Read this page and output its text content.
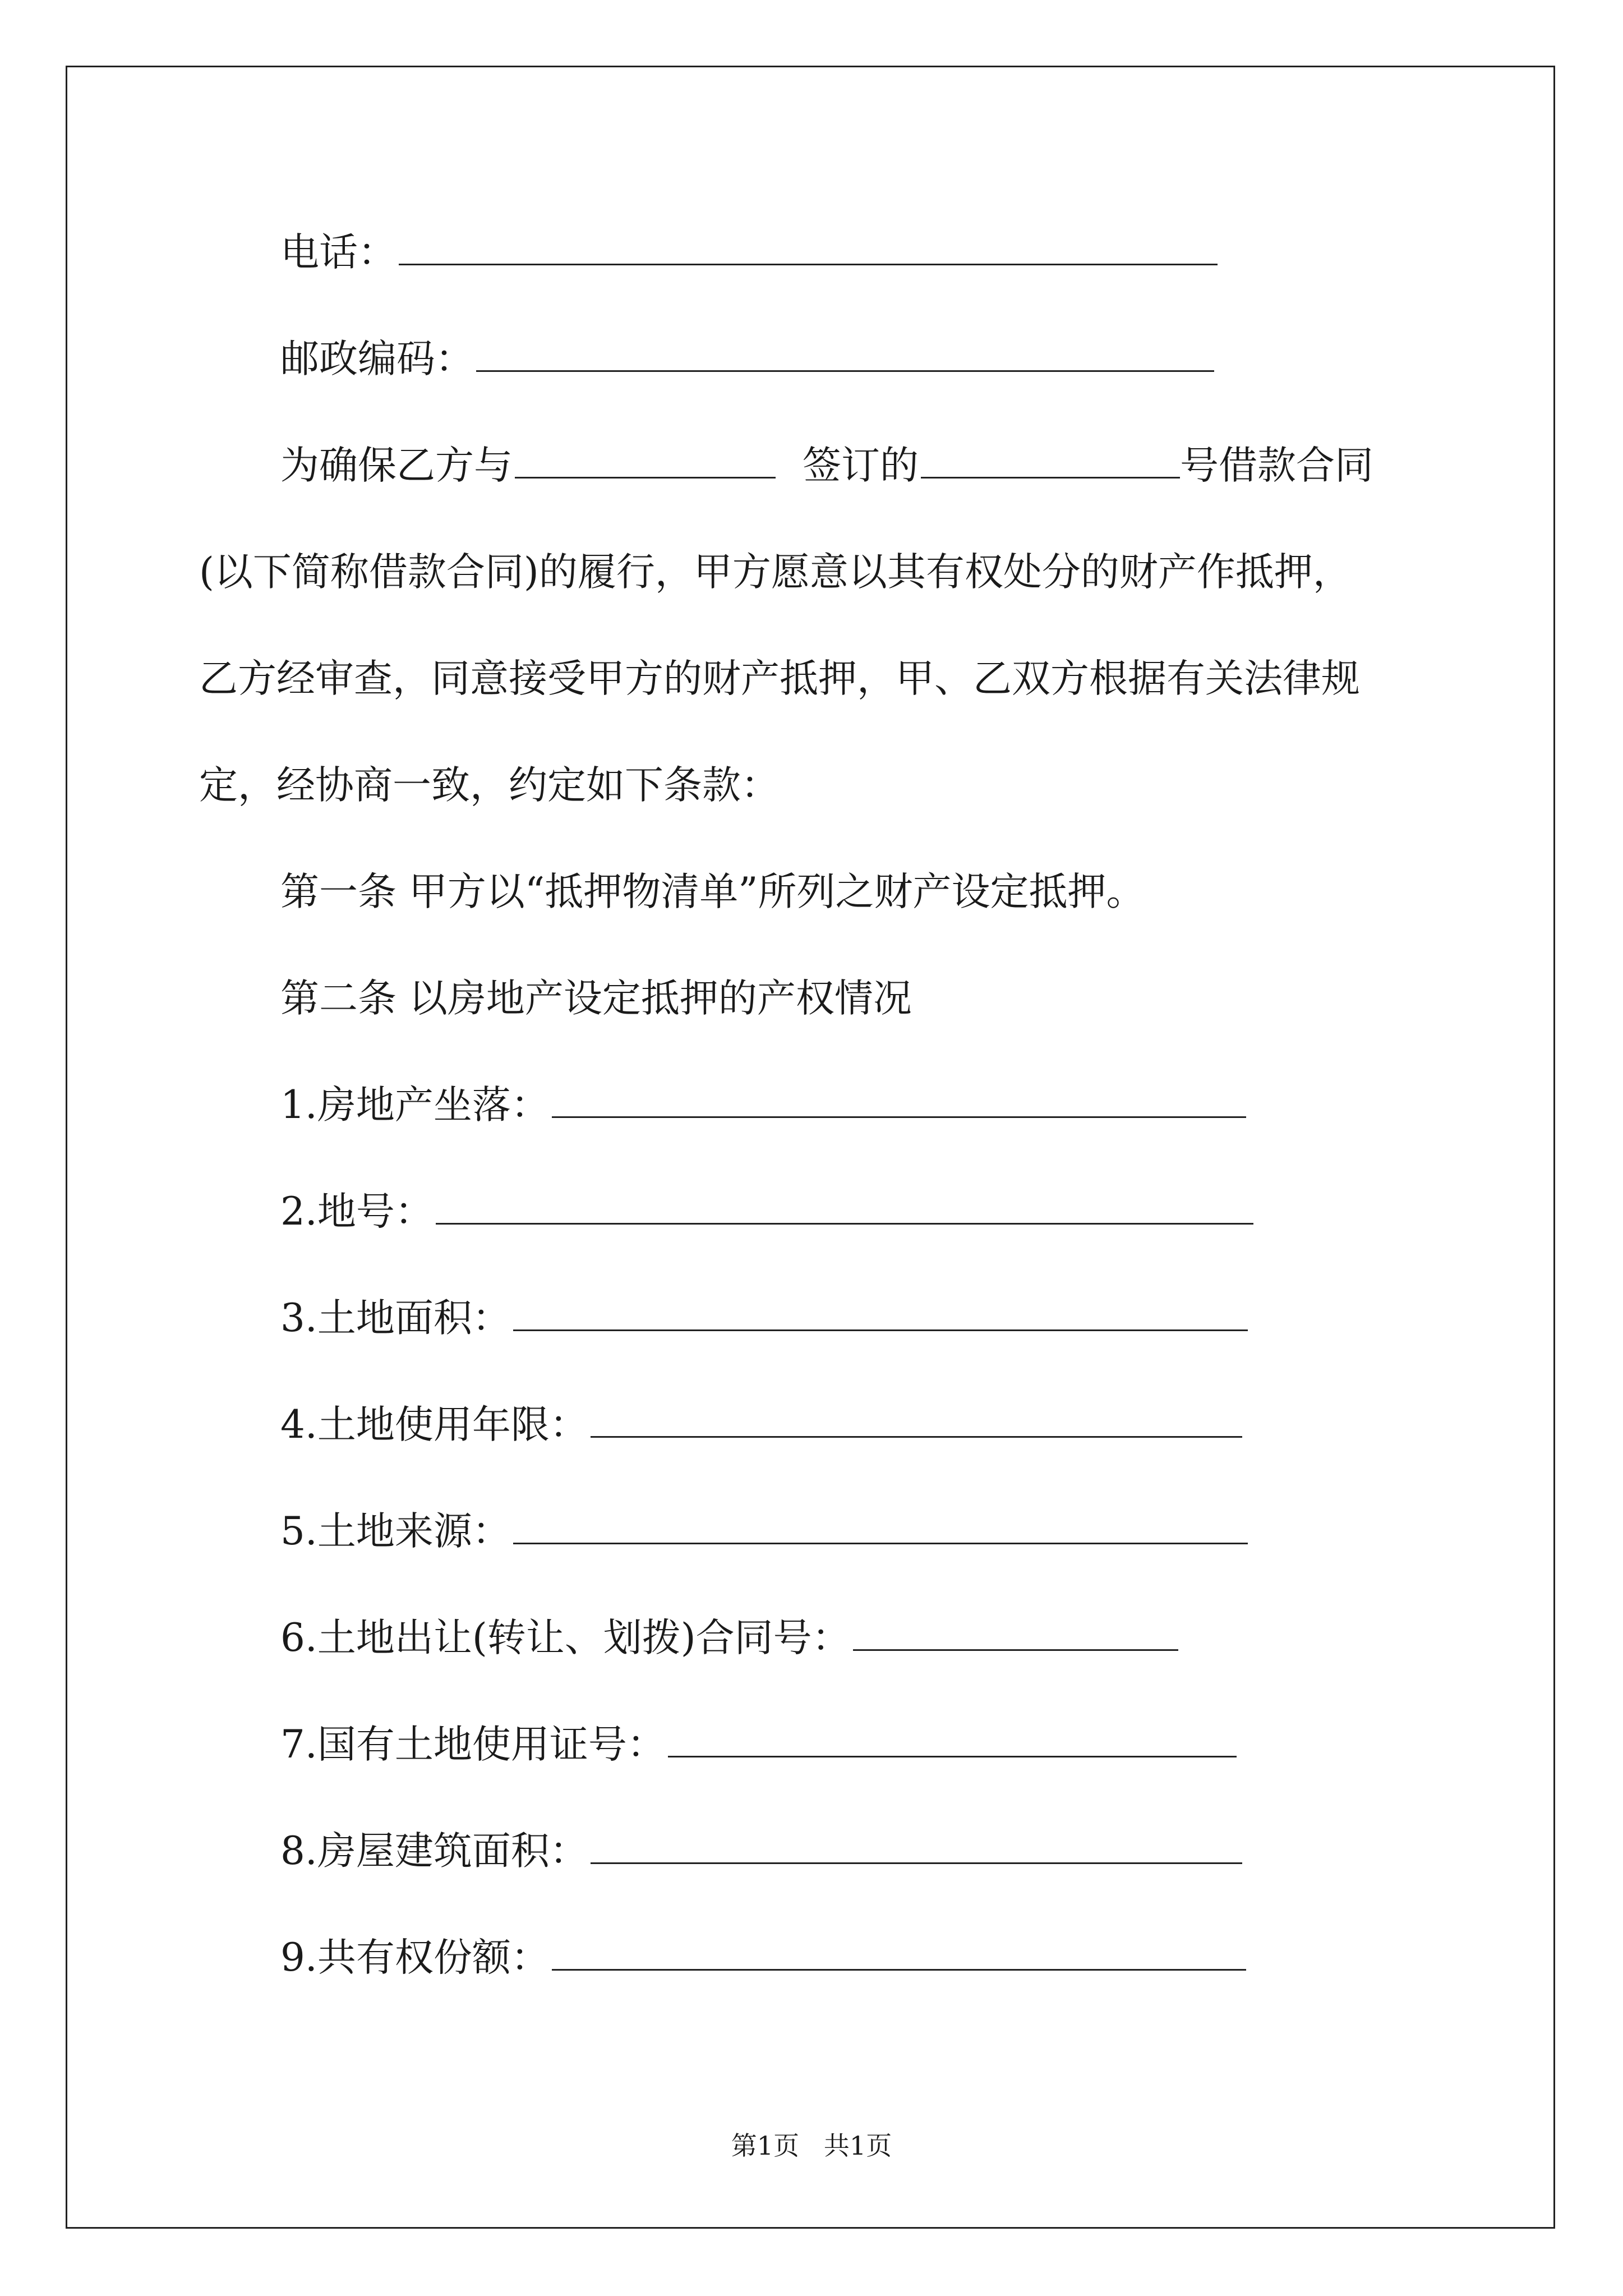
电话：
邮政编码：
为确保乙方与	签订的	号借款合同
(以下简称借款合同)的履行，甲方愿意以其有权处分的财产作抵押，
乙方经审查，同意接受甲方的财产抵押，甲、乙双方根据有关法律规
定，经协商一致，约定如下条款：
第一条 甲方以“抵押物清单”所列之财产设定抵押。
第二条 以房地产设定抵押的产权情况
1.房地产坐落：
2.地号：
3.土地面积：
4.土地使用年限：
5.土地来源：
6.土地出让(转让、划拨)合同号：
7.国有土地使用证号：
8.房屋建筑面积：
9.共有权份额：
第1页   共1页
